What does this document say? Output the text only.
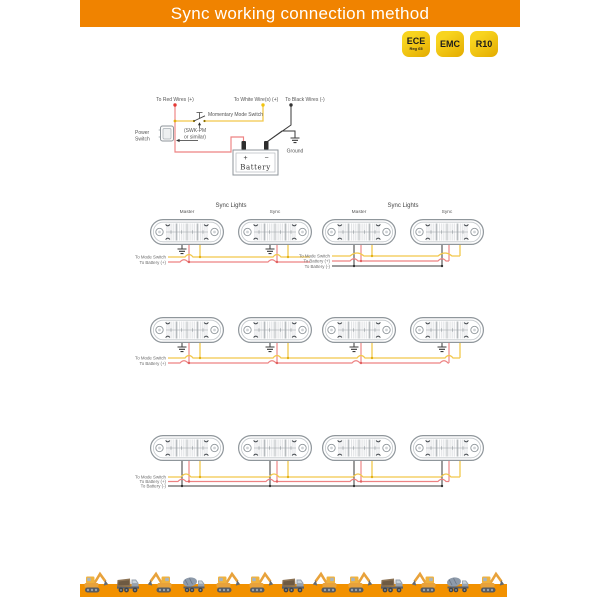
Sync working connection method
ECE
Reg 65 EMC R10
To Red Wires (+)	To White Wire(s) (+) To Black Wires (-)
Momentary Mode Switch
(SWK-PM
or similar)
Power
Switch
Ground
+ −
Battery
Sync Lights
Master	Sync
Sync Lights
Master	Sync
To Mode Switch
To Battery (+)
To Mode Switch
To Battery (+)
To Battery (-)
To Mode Switch
To Battery (+)
To Mode Switch
To Battery (+)
To Battery (-)
